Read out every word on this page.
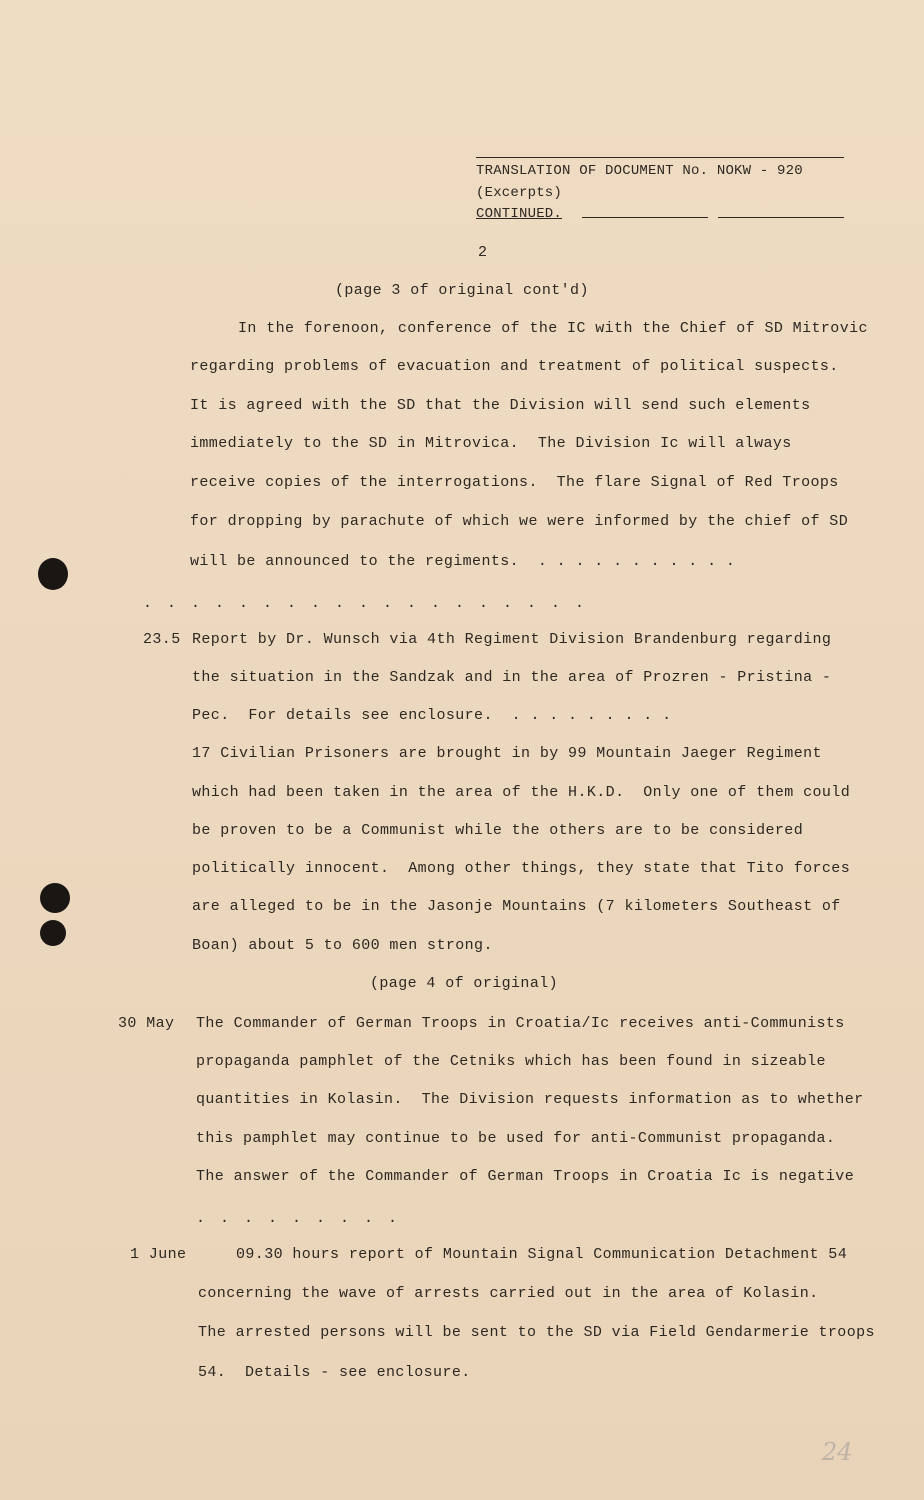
TRANSLATION OF DOCUMENT No. NOKW - 920
(Excerpts)
CONTINUED.
2
(page 3 of original cont'd)
In the forenoon, conference of the IC with the Chief of SD Mitrovic
regarding problems of evacuation and treatment of political suspects.
It is agreed with the SD that the Division will send such elements
immediately to the SD in Mitrovica.  The Division Ic will always
receive copies of the interrogations.  The flare Signal of Red Troops
for dropping by parachute of which we were informed by the chief of SD
will be announced to the regiments.  . . . . . . . . . . .
. . . . . . . . . . . . . . . . . . .
23.5 Report by Dr. Wunsch via 4th Regiment Division Brandenburg regarding
the situation in the Sandzak and in the area of Prozren - Pristina -
Pec.  For details see enclosure.  . . . . . . . . .
17 Civilian Prisoners are brought in by 99 Mountain Jaeger Regiment
which had been taken in the area of the H.K.D.  Only one of them could
be proven to be a Communist while the others are to be considered
politically innocent.  Among other things, they state that Tito forces
are alleged to be in the Jasonje Mountains (7 kilometers Southeast of
Boan) about 5 to 600 men strong.
(page 4 of original)
30 May The Commander of German Troops in Croatia/Ic receives anti-Communists
propaganda pamphlet of the Cetniks which has been found in sizeable
quantities in Kolasin.  The Division requests information as to whether
this pamphlet may continue to be used for anti-Communist propaganda.
The answer of the Commander of German Troops in Croatia Ic is negative
. . . . . . . . .
1 June	09.30 hours report of Mountain Signal Communication Detachment 54
concerning the wave of arrests carried out in the area of Kolasin.
The arrested persons will be sent to the SD via Field Gendarmerie troops
54.  Details - see enclosure.
24
